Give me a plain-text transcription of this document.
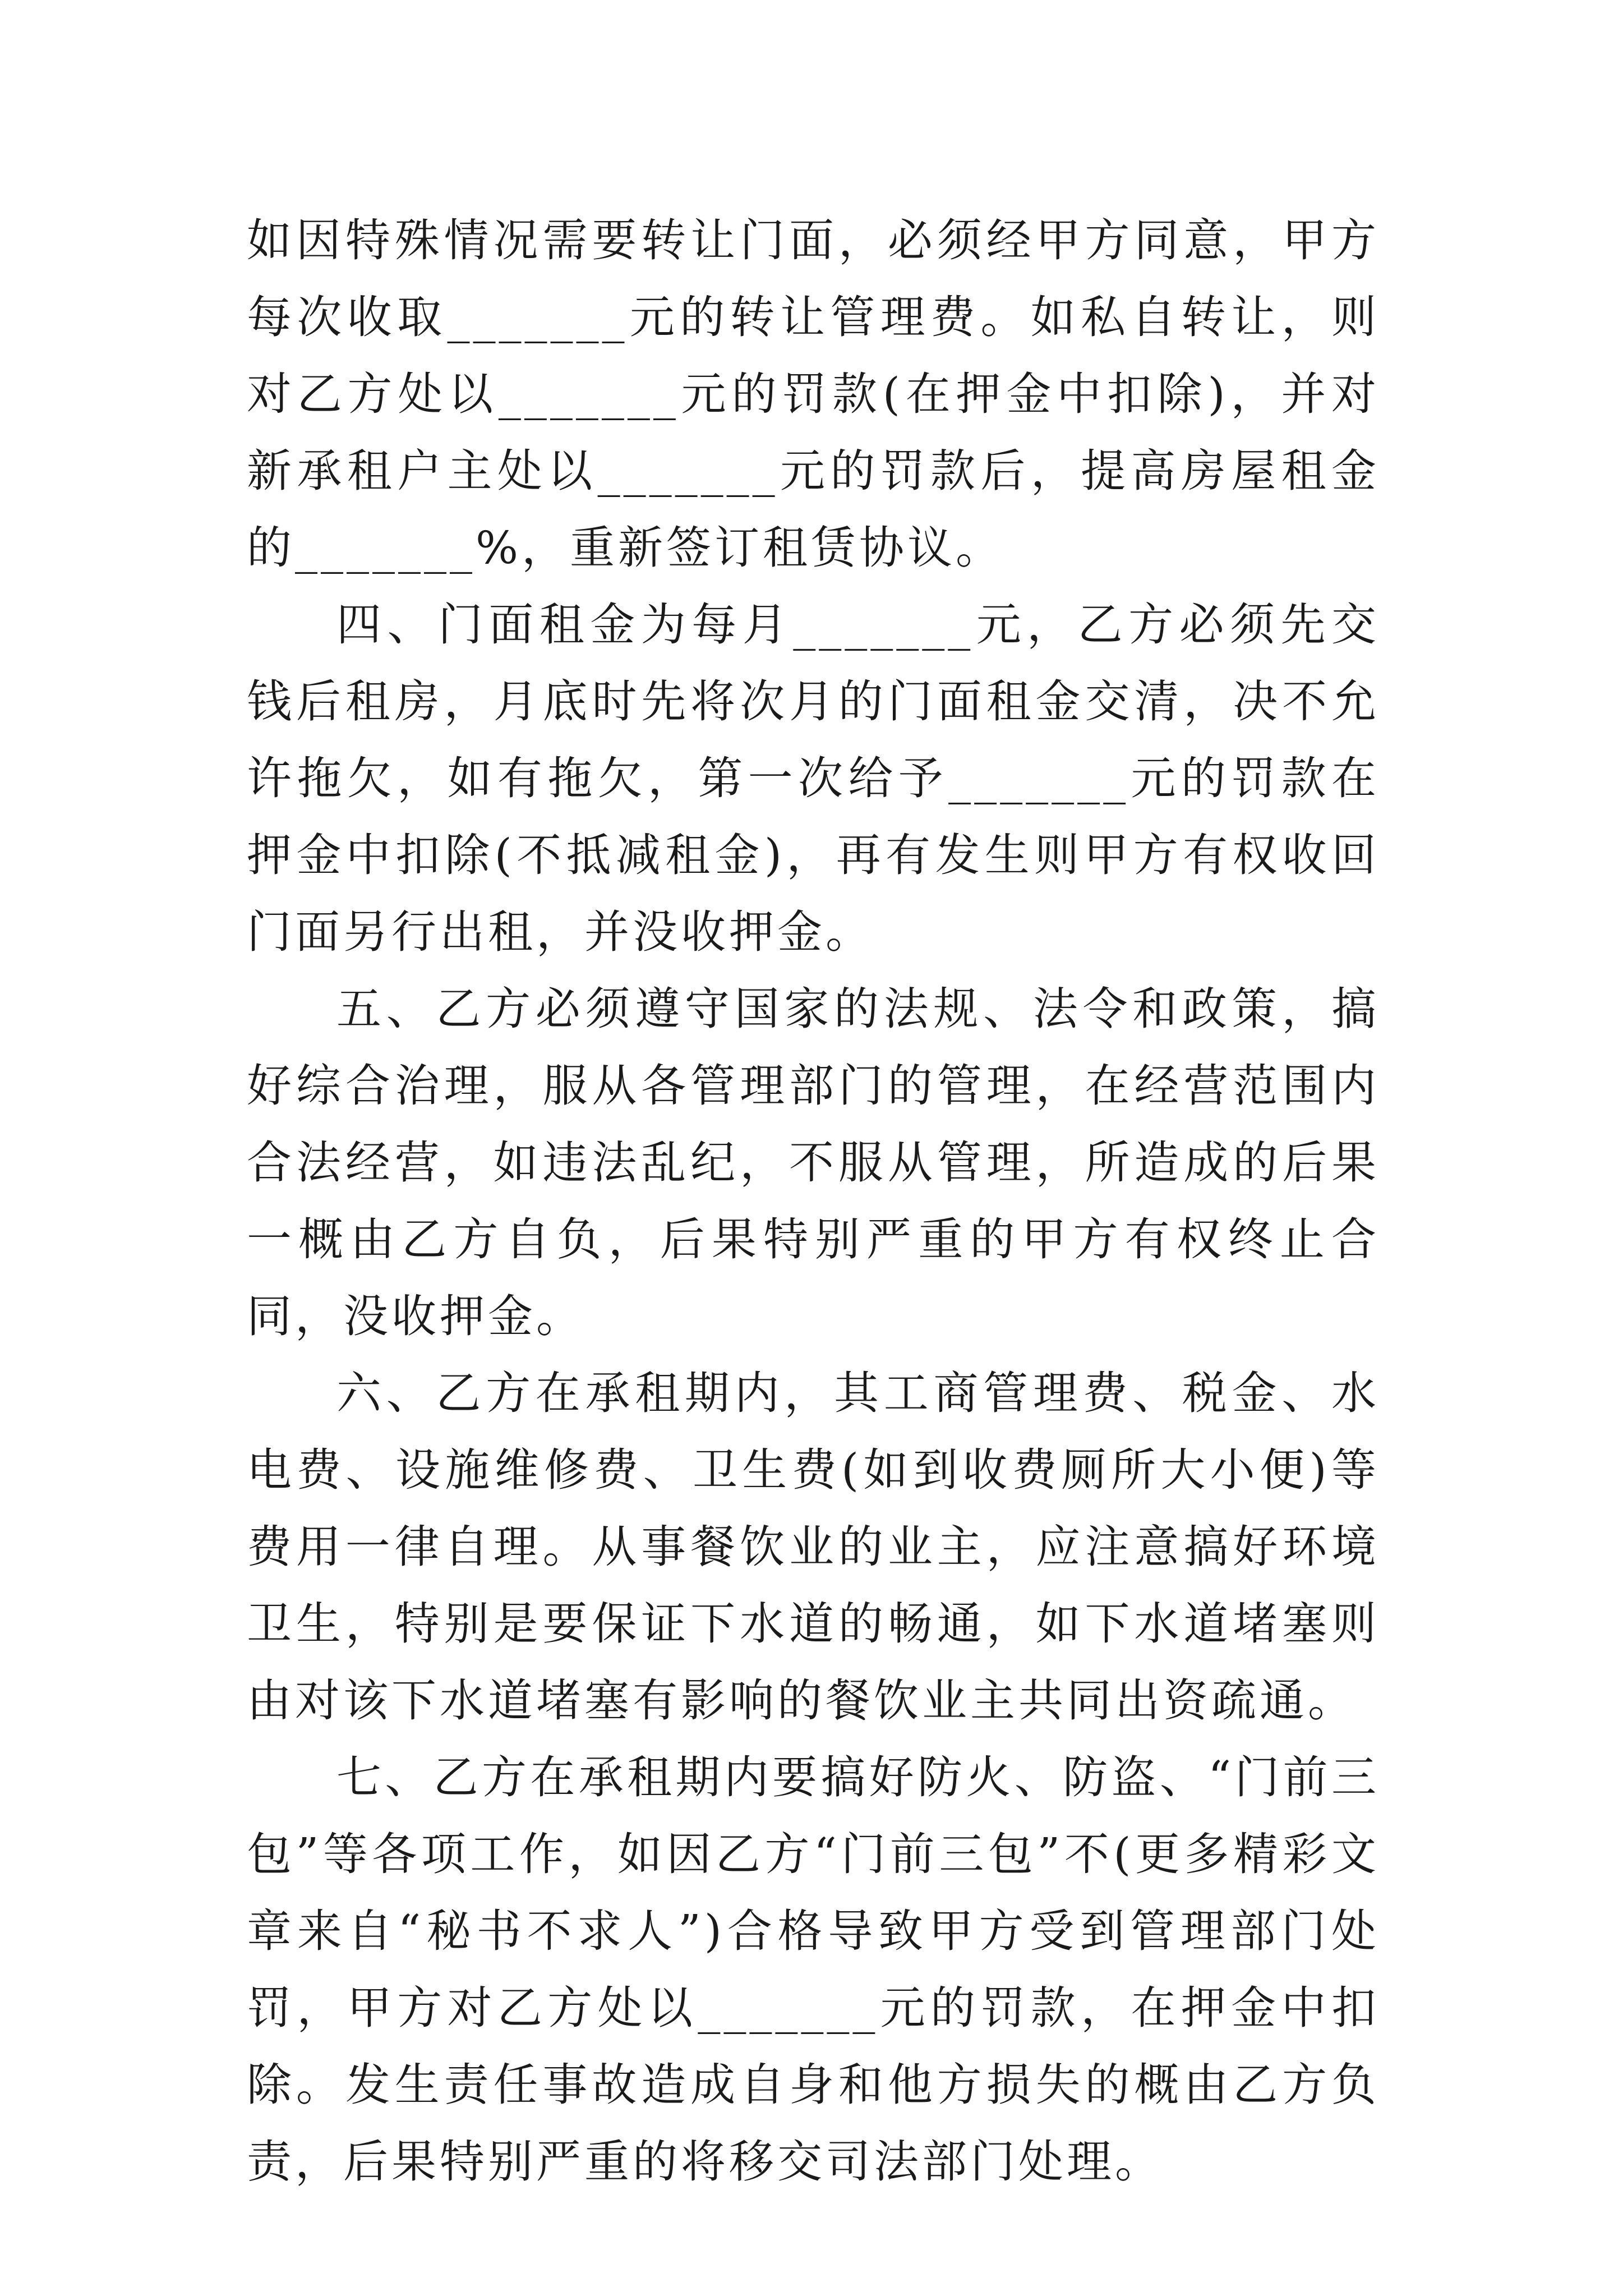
如因特殊情况需要转让门面，必须经甲方同意，甲方每次收取_______元的转让管理费。如私自转让，则对乙方处以_______元的罚款(在押金中扣除)，并对新承租户主处以_______元的罚款后，提高房屋租金的_______%，重新签订租赁协议。

四、门面租金为每月_______元，乙方必须先交钱后租房，月底时先将次月的门面租金交清，决不允许拖欠，如有拖欠，第一次给予_______元的罚款在押金中扣除(不抵减租金)，再有发生则甲方有权收回门面另行出租，并没收押金。

五、乙方必须遵守国家的法规、法令和政策，搞好综合治理，服从各管理部门的管理，在经营范围内合法经营，如违法乱纪，不服从管理，所造成的后果一概由乙方自负，后果特别严重的甲方有权终止合同，没收押金。

六、乙方在承租期内，其工商管理费、税金、水电费、设施维修费、卫生费(如到收费厕所大小便)等费用一律自理。从事餐饮业的业主，应注意搞好环境卫生，特别是要保证下水道的畅通，如下水道堵塞则由对该下水道堵塞有影响的餐饮业主共同出资疏通。

七、乙方在承租期内要搞好防火、防盗、“门前三包”等各项工作，如因乙方“门前三包”不(更多精彩文章来自“秘书不求人”)合格导致甲方受到管理部门处罚，甲方对乙方处以_______元的罚款，在押金中扣除。发生责任事故造成自身和他方损失的概由乙方负责，后果特别严重的将移交司法部门处理。
